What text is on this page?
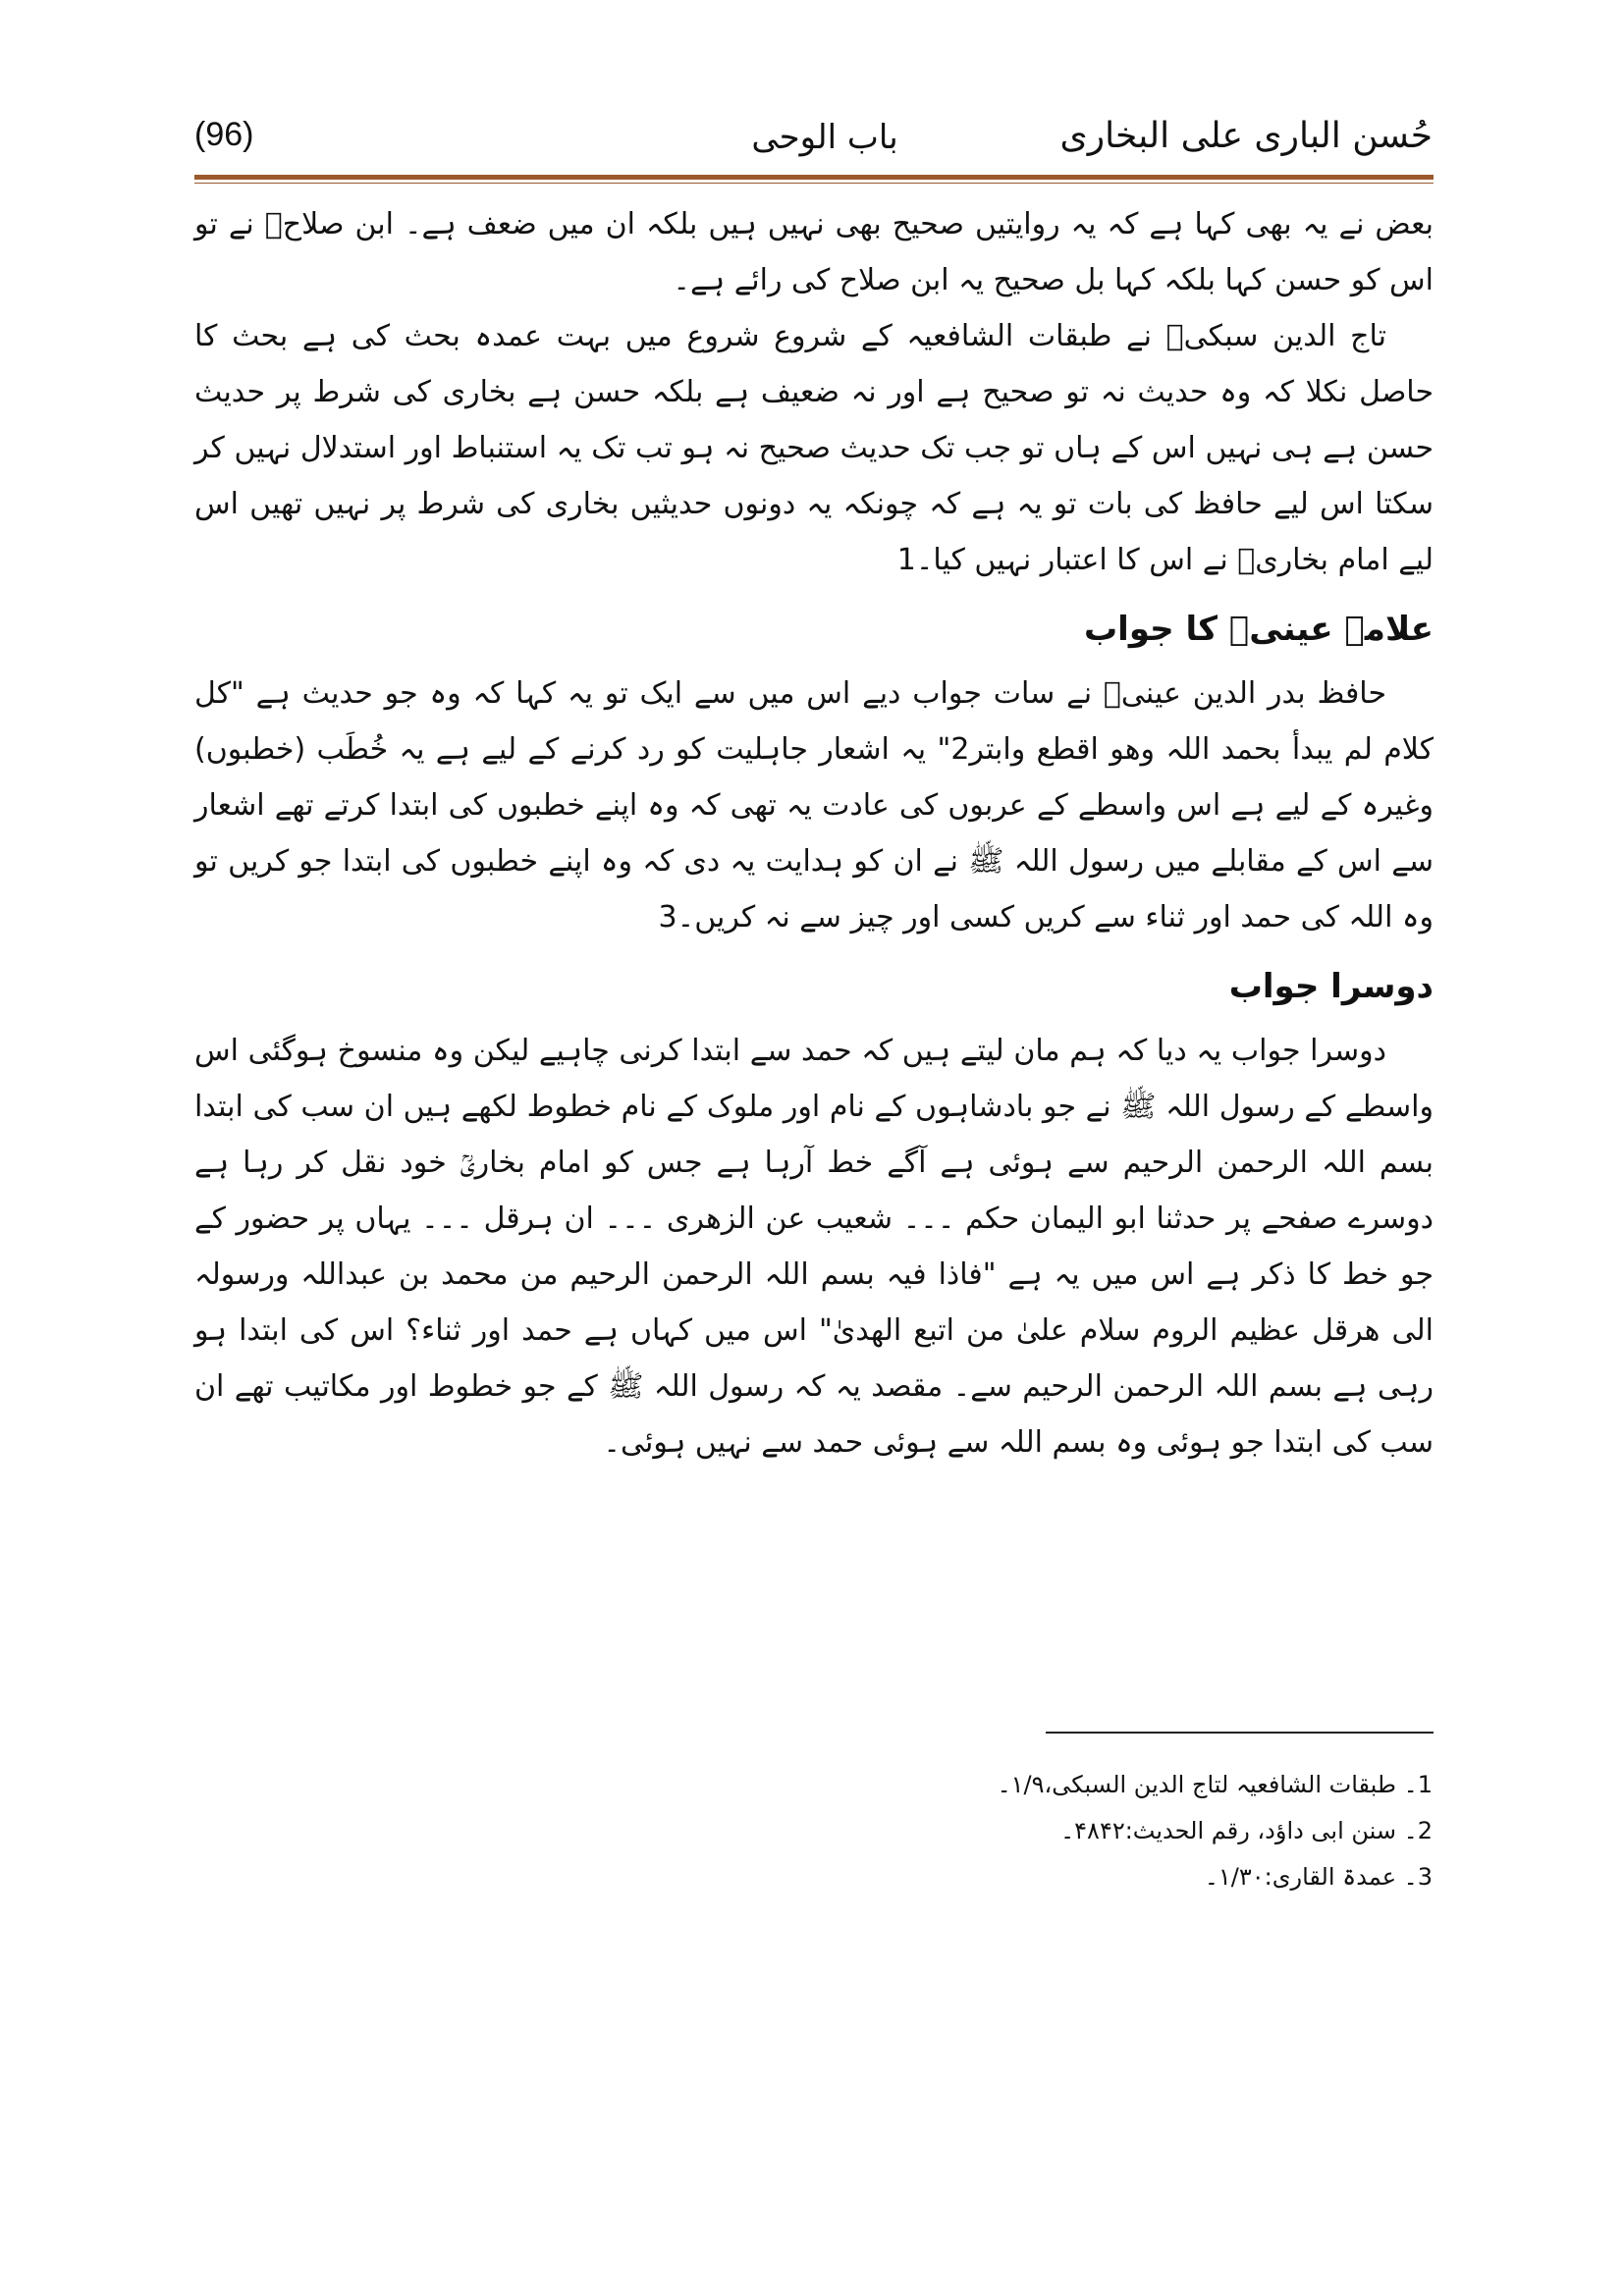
(96)	باب الوحی	حُسن الباری علی البخاری

بعض نے یہ بھی کہا ہے کہ یہ روایتیں صحیح بھی نہیں ہیں بلکہ ان میں ضعف ہے۔ ابن صلاحؒ نے تو اس کو حسن کہا بلکہ کہا بل صحیح یہ ابن صلاح کی رائے ہے۔

تاج الدین سبکیؒ نے طبقات الشافعیہ کے شروع شروع میں بہت عمدہ بحث کی ہے بحث کا حاصل نکلا کہ وہ حدیث نہ تو صحیح ہے اور نہ ضعیف ہے بلکہ حسن ہے بخاری کی شرط پر حدیث حسن ہے ہی نہیں اس کے ہاں تو جب تک حدیث صحیح نہ ہو تب تک یہ استنباط اور استدلال نہیں کر سکتا اس لیے حافظ کی بات تو یہ ہے کہ چونکہ یہ دونوں حدیثیں بخاری کی شرط پر نہیں تھیں اس لیے امام بخاریؒ نے اس کا اعتبار نہیں کیا۔1

علامہ عینیؒ کا جواب

حافظ بدر الدین عینیؒ نے سات جواب دیے اس میں سے ایک تو یہ کہا کہ وہ جو حدیث ہے "کل کلام لم یبدأ بحمد اللہ وھو اقطع وابتر2" یہ اشعار جاہلیت کو رد کرنے کے لیے ہے یہ خُطَب (خطبوں) وغیرہ کے لیے ہے اس واسطے کے عربوں کی عادت یہ تھی کہ وہ اپنے خطبوں کی ابتدا کرتے تھے اشعار سے اس کے مقابلے میں رسول اللہ ﷺ نے ان کو ہدایت یہ دی کہ وہ اپنے خطبوں کی ابتدا جو کریں تو وہ اللہ کی حمد اور ثناء سے کریں کسی اور چیز سے نہ کریں۔3

دوسرا جواب

دوسرا جواب یہ دیا کہ ہم مان لیتے ہیں کہ حمد سے ابتدا کرنی چاہیے لیکن وہ منسوخ ہوگئی اس واسطے کے رسول اللہ ﷺ نے جو بادشاہوں کے نام اور ملوک کے نام خطوط لکھے ہیں ان سب کی ابتدا بسم اللہ الرحمن الرحیم سے ہوئی ہے آگے خط آرہا ہے جس کو امام بخاریؒ خود نقل کر رہا ہے دوسرے صفحے پر حدثنا ابو الیمان حکم ۔۔۔ شعیب عن الزھری ۔۔۔ ان ہرقل ۔۔۔ یہاں پر حضور کے جو خط کا ذکر ہے اس میں یہ ہے "فاذا فیہ بسم اللہ الرحمن الرحیم من محمد بن عبداللہ ورسولہ الی ھرقل عظیم الروم سلام علیٰ من اتبع الھدیٰ" اس میں کہاں ہے حمد اور ثناء؟ اس کی ابتدا ہو رہی ہے بسم اللہ الرحمن الرحیم سے۔ مقصد یہ کہ رسول اللہ ﷺ کے جو خطوط اور مکاتیب تھے ان سب کی ابتدا جو ہوئی وہ بسم اللہ سے ہوئی حمد سے نہیں ہوئی۔

1۔ طبقات الشافعیہ لتاج الدین السبکی،۱/۹۔
2۔ سنن ابی داؤد، رقم الحدیث:۴۸۴۲۔
3۔ عمدۃ القاری:۱/۳۰۔
